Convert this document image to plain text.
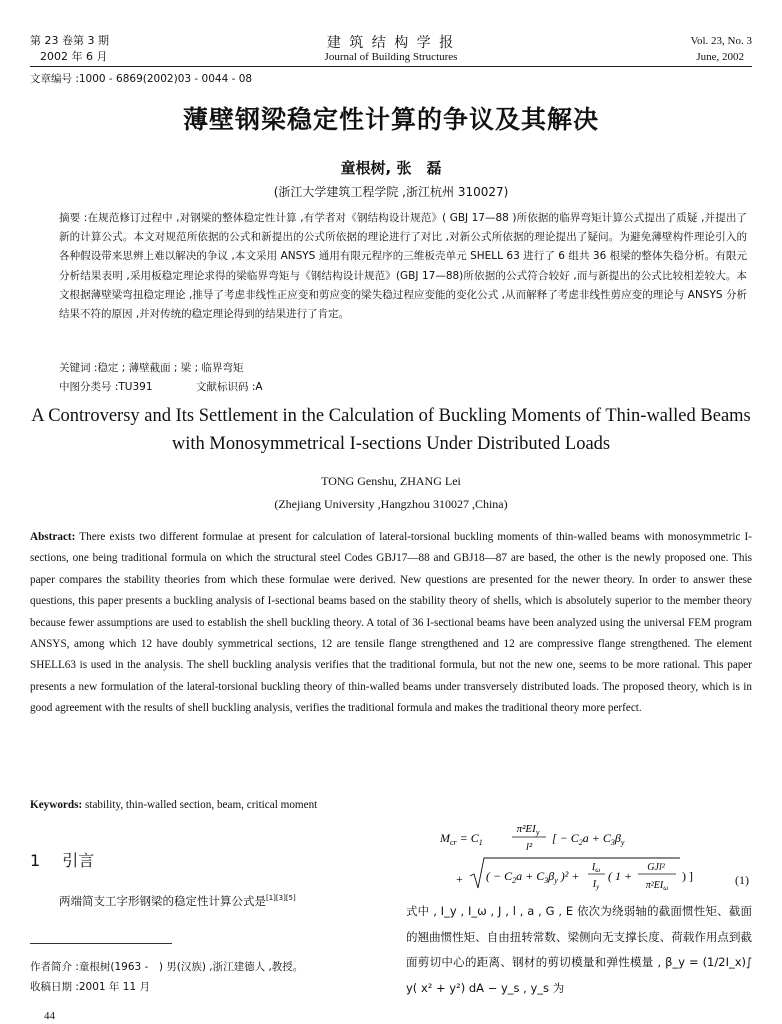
第 23 卷第 3 期
2002 年 6 月
建 筑 结 构 学 报
Journal of Building Structures
Vol. 23, No. 3
June, 2002
文章编号 :1000 - 6869(2002)03 - 0044 - 08
薄壁钢梁稳定性计算的争议及其解决
童根树, 张　磊
(浙江大学建筑工程学院 ,浙江杭州 310027)
摘要 :在规范修订过程中 ,对钢梁的整体稳定性计算 ,有学者对《钢结构设计规范》( GBJ 17—88 )所依据的临界弯矩计算公式提出了质疑 ,并提出了新的计算公式。本文对规范所依据的公式和新提出的公式所依据的理论进行了对比 ,对新公式所依据的理论提出了疑问。为避免薄壁构件理论引入的各种假设带来思辨上难以解决的争议 ,本文采用 ANSYS 通用有限元程序的三维板壳单元 SHELL 63 进行了 6 组共 36 根梁的整体失稳分析。有限元分析结果表明 ,采用板稳定理论求得的梁临界弯矩与《钢结构设计规范》(GBJ 17—88)所依据的公式符合较好 ,而与新提出的公式比较相差较大。本文根据薄壁梁弯扭稳定理论 ,推导了考虑非线性正应变和剪应变的梁失稳过程应变能的变化公式 ,从而解释了考虑非线性剪应变的理论与 ANSYS 分析结果不符的原因 ,并对传统的稳定理论得到的结果进行了肯定。
关键词 :稳定 ; 薄壁截面 ; 梁 ; 临界弯矩
中图分类号 :TU391	文献标识码 :A
A Controversy and Its Settlement in the Calculation of Buckling Moments of Thin-walled Beams with Monosymmetrical I-sections Under Distributed Loads
TONG Genshu, ZHANG Lei
(Zhejiang University ,Hangzhou 310027 ,China)
Abstract: There exists two different formulae at present for calculation of lateral-torsional buckling moments of thin-walled beams with monosymmetric I-sections, one being traditional formula on which the structural steel Codes GBJ17—88 and GBJ18—87 are based, the other is the newly proposed one. This paper compares the stability theories from which these formulae were derived. New questions are presented for the newer theory. In order to answer these questions, this paper presents a buckling analysis of I-sectional beams based on the stability theory of shells, which is absolutely superior to the member theory because fewer assumptions are used to establish the shell buckling theory. A total of 36 I-sectional beams have been analyzed using the universal FEM program ANSYS, among which 12 have doubly symmetrical sections, 12 are tensile flange strengthened and 12 are compressive flange strengthened. The element SHELL63 is used in the analysis. The shell buckling analysis verifies that the traditional formula, but not the new one, seems to be more rational. This paper presents a new formulation of the lateral-torsional buckling theory of thin-walled beams under transversely distributed loads. The proposed theory, which is in good agreement with the results of shell buckling analysis, verifies the traditional formula and makes the traditional theory more perfect.
Keywords: stability, thin-walled section, beam, critical moment
1 引言
两端简支工字形钢梁的稳定性计算公式是[1][3][5]
$M_{cr} = C_1$
$\pi^2EI_y$
l²
[ − $C_2a + C_3\beta_y$
+ ( − $C_2a + C_3\beta_y$ )² +
$I_\omega$
$I_y$
( 1 +
GJl²
$\pi^2EI_\omega$
) ]	(1)
式中 , I_y , I_ω , J , l , a , G , E 依次为绕弱轴的截面惯性矩、截面的翘曲惯性矩、自由扭转常数、梁侧向无支撑长度、荷载作用点到截面剪切中心的距离、钢材的剪切模量和弹性模量 , β_y = (1/2I_x)∫ y( x² + y²) dA − y_s , y_s 为
作者简介 :童根树(1963 -　) 男(汉族) ,浙江建德人 ,教授。
收稿日期 :2001 年 11 月
44
